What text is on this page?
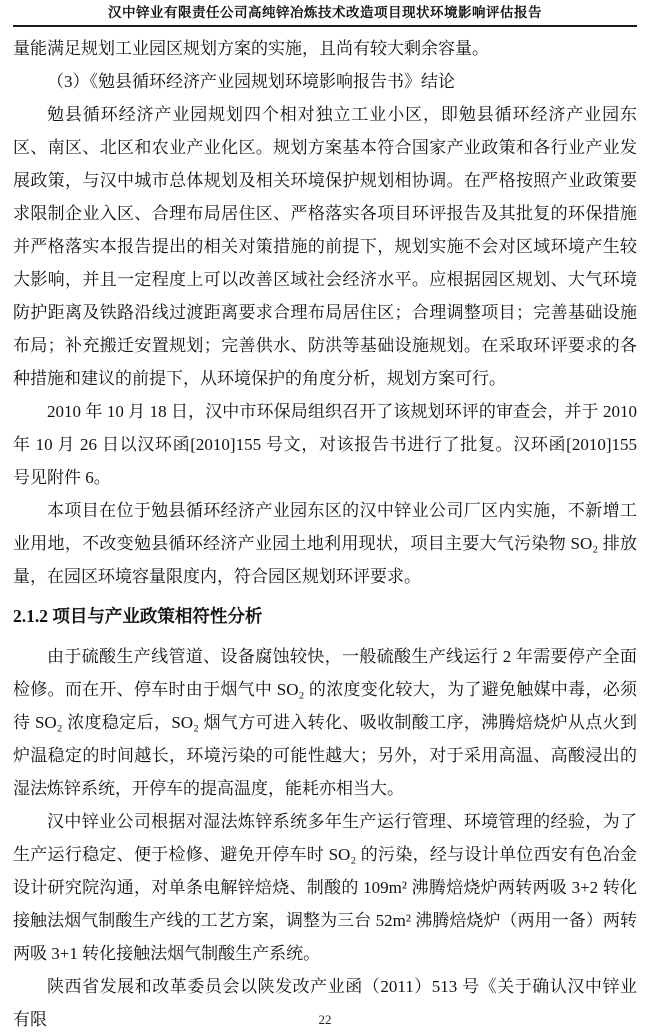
汉中锌业有限责任公司高纯锌冶炼技术改造项目现状环境影响评估报告

量能满足规划工业园区规划方案的实施，且尚有较大剩余容量。

（3）《勉县循环经济产业园规划环境影响报告书》结论

勉县循环经济产业园规划四个相对独立工业小区，即勉县循环经济产业园东区、南区、北区和农业产业化区。规划方案基本符合国家产业政策和各行业产业发展政策，与汉中城市总体规划及相关环境保护规划相协调。在严格按照产业政策要求限制企业入区、合理布局居住区、严格落实各项目环评报告及其批复的环保措施并严格落实本报告提出的相关对策措施的前提下，规划实施不会对区域环境产生较大影响，并且一定程度上可以改善区域社会经济水平。应根据园区规划、大气环境防护距离及铁路沿线过渡距离要求合理布局居住区；合理调整项目；完善基础设施布局；补充搬迁安置规划；完善供水、防洪等基础设施规划。在采取环评要求的各种措施和建议的前提下，从环境保护的角度分析，规划方案可行。

2010 年 10 月 18 日，汉中市环保局组织召开了该规划环评的审查会，并于 2010 年 10 月 26 日以汉环函[2010]155 号文，对该报告书进行了批复。汉环函[2010]155 号见附件 6。

本项目在位于勉县循环经济产业园东区的汉中锌业公司厂区内实施，不新增工业用地，不改变勉县循环经济产业园土地利用现状，项目主要大气污染物 SO₂ 排放量，在园区环境容量限度内，符合园区规划环评要求。

2.1.2 项目与产业政策相符性分析

由于硫酸生产线管道、设备腐蚀较快，一般硫酸生产线运行 2 年需要停产全面检修。而在开、停车时由于烟气中 SO₂ 的浓度变化较大，为了避免触媒中毒，必须待 SO₂ 浓度稳定后，SO₂ 烟气方可进入转化、吸收制酸工序，沸腾焙烧炉从点火到炉温稳定的时间越长，环境污染的可能性越大；另外，对于采用高温、高酸浸出的湿法炼锌系统，开停车的提高温度，能耗亦相当大。

汉中锌业公司根据对湿法炼锌系统多年生产运行管理、环境管理的经验，为了生产运行稳定、便于检修、避免开停车时 SO₂ 的污染，经与设计单位西安有色冶金设计研究院沟通，对单条电解锌焙烧、制酸的 109m² 沸腾焙烧炉两转两吸 3+2 转化接触法烟气制酸生产线的工艺方案，调整为三台 52m² 沸腾焙烧炉（两用一备）两转两吸 3+1 转化接触法烟气制酸生产系统。

陕西省发展和改革委员会以陕发改产业函（2011）513 号《关于确认汉中锌业有限	22
